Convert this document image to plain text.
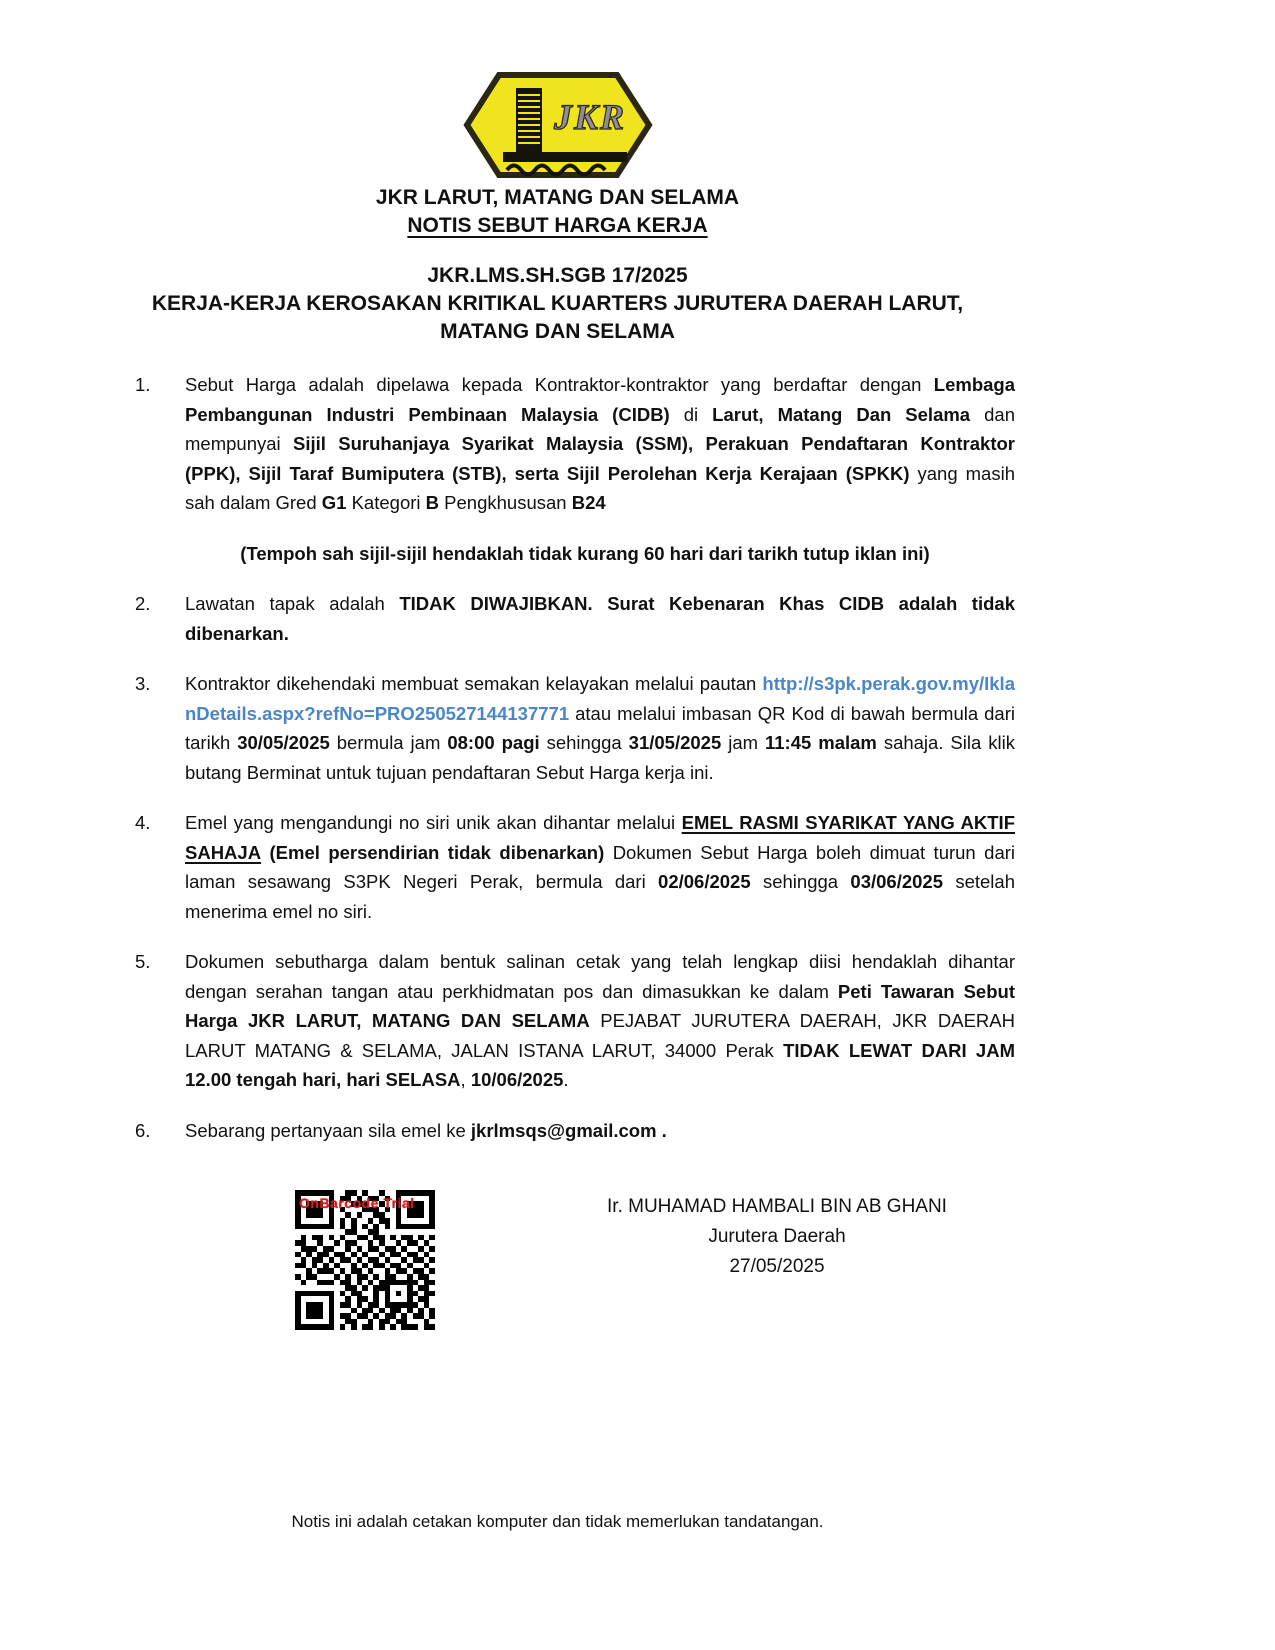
JKR
JKR LARUT, MATANG DAN SELAMA
NOTIS SEBUT HARGA KERJA
JKR.LMS.SH.SGB 17/2025
KERJA-KERJA KEROSAKAN KRITIKAL KUARTERS JURUTERA DAERAH LARUT,
MATANG DAN SELAMA
1.	Sebut Harga adalah dipelawa kepada Kontraktor-kontraktor yang berdaftar dengan Lembaga Pembangunan Industri Pembinaan Malaysia (CIDB) di Larut, Matang Dan Selama dan mempunyai Sijil Suruhanjaya Syarikat Malaysia (SSM), Perakuan Pendaftaran Kontraktor (PPK), Sijil Taraf Bumiputera (STB), serta Sijil Perolehan Kerja Kerajaan (SPKK) yang masih sah dalam Gred G1 Kategori B Pengkhususan B24
(Tempoh sah sijil-sijil hendaklah tidak kurang 60 hari dari tarikh tutup iklan ini)
2.	Lawatan tapak adalah TIDAK DIWAJIBKAN. Surat Kebenaran Khas CIDB adalah tidak dibenarkan.
3.	Kontraktor dikehendaki membuat semakan kelayakan melalui pautan http://s3pk.perak.gov.my/IklanDetails.aspx?refNo=PRO250527144137771 atau melalui imbasan QR Kod di bawah bermula dari tarikh 30/05/2025 bermula jam 08:00 pagi sehingga 31/05/2025 jam 11:45 malam sahaja. Sila klik butang Berminat untuk tujuan pendaftaran Sebut Harga kerja ini.
4.	Emel yang mengandungi no siri unik akan dihantar melalui EMEL RASMI SYARIKAT YANG AKTIF SAHAJA (Emel persendirian tidak dibenarkan) Dokumen Sebut Harga boleh dimuat turun dari laman sesawang S3PK Negeri Perak, bermula dari 02/06/2025 sehingga 03/06/2025 setelah menerima emel no siri.
5.	Dokumen sebutharga dalam bentuk salinan cetak yang telah lengkap diisi hendaklah dihantar dengan serahan tangan atau perkhidmatan pos dan dimasukkan ke dalam Peti Tawaran Sebut Harga JKR LARUT, MATANG DAN SELAMA PEJABAT JURUTERA DAERAH, JKR DAERAH LARUT MATANG & SELAMA, JALAN ISTANA LARUT, 34000 Perak TIDAK LEWAT DARI JAM 12.00 tengah hari, hari SELASA, 10/06/2025.
6.	Sebarang pertanyaan sila emel ke jkrlmsqs@gmail.com .
OnBarcode Trial	Ir. MUHAMAD HAMBALI BIN AB GHANI
Jurutera Daerah
27/05/2025
Notis ini adalah cetakan komputer dan tidak memerlukan tandatangan.
